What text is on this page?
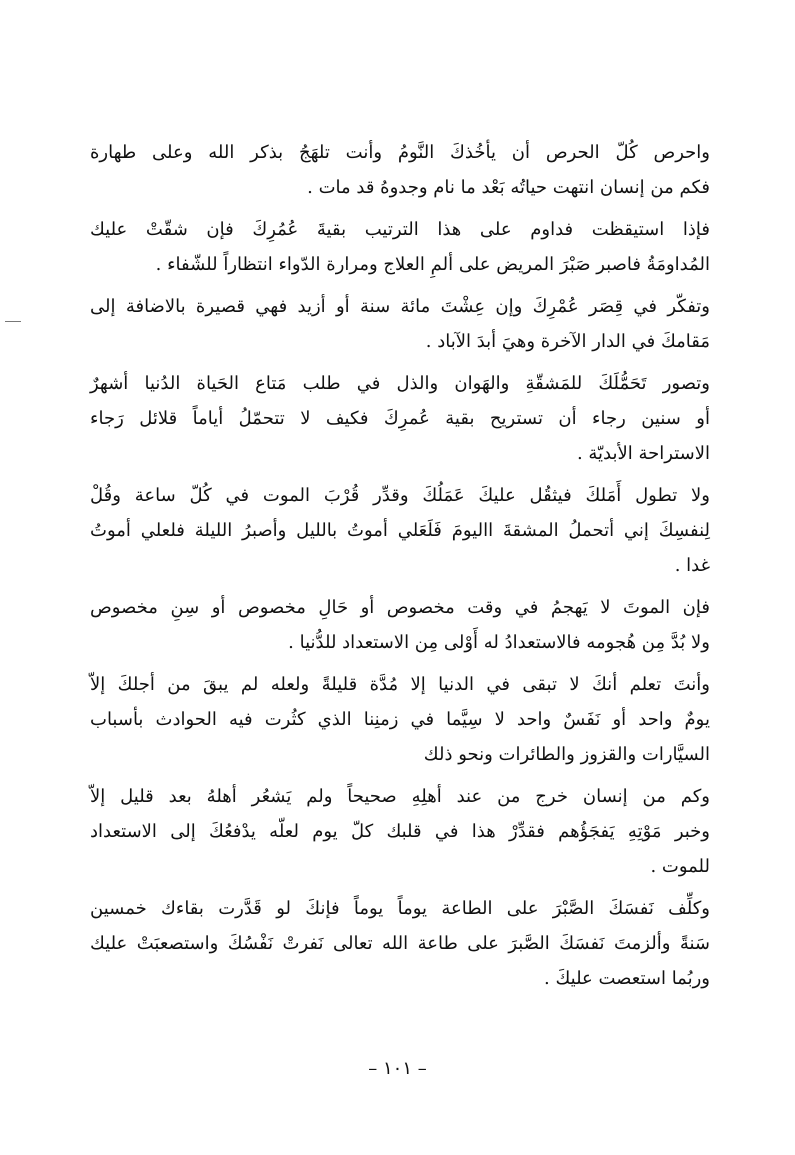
واحرص كُلّ الحرص أن يأخُذكَ النَّومُ وأنت تلهَجُ بذكر الله وعلى طهارة
فكم من إنسان انتهت حياتُه بَعْد ما نام وجدوهُ قد مات .

فإذا استيقظت فداوم على هذا الترتيب بقيةَ عُمُرِكَ فإن شقّتْ عليك
المُداومَةُ فاصبر صَبْرَ المريض على ألمِ العلاج ومرارة الدّواء انتظاراً للشّفاء .

وتفكّر في قِصَر عُمْرِكَ وإن عِشْتَ مائة سنة أو أزيد فهي قصيرة بالاضافة إلى
مَقامكَ في الدار الآخرة وهيَ أبدَ الآباد .

وتصور تَحَمُّلَكَ للمَشقّةِ والهَوان والذل في طلب مَتاع الحَياة الدُنيا أشهرٌ
أو سنين رجاء أن تستريح بقية عُمرِكَ فكيف لا تتحمّلُ أياماً قلائل رَجاء
الاستراحة الأبديّة .

ولا تطول أَمَلكَ فيثقُل عليكَ عَمَلُكَ وقدِّر قُرْبَ الموت في كُلّ ساعة وقُلْ
لِنفسِكَ إني أتحملُ المشقةَ االيومَ فَلَعَلي أموتُ بالليل وأصبرُ الليلة فلعلي أموتُ
غدا .

فإن الموتَ لا يَهجمُ في وقت مخصوص أو حَالِ مخصوص أو سِنِ مخصوص
ولا بُدَّ مِن هُجومه فالاستعدادُ له أَوْلى مِن الاستعداد للدُّنيا .

وأنتَ تعلم أنكَ لا تبقى في الدنيا إلا مُدَّة قليلةً ولعله لم يبقَ من أجلكَ إلاّ
يومٌ واحد أو نَفَسٌ واحد لا سِيَّما في زمنِنا الذي كثُرت فيه الحوادث بأسباب
السيَّارات والقزوز والطائرات ونحو ذلك

وكم من إنسان خرج من عند أهلِهِ صحيحاً ولم يَشعُر أهلهُ بعد قليل إلاّ
وخبر مَوْتِهِ يَفجَؤُهم فقدِّرْ هذا في قلبك كلّ يوم لعلّه يدْفعُكَ إلى الاستعداد
للموت .

وكلِّف نَفسَكَ الصَّبْرَ على الطاعة يوماً يوماً فإنكَ لو قَدَّرت بقاءك خمسين
سَنةً وألزمتَ نَفسَكَ الصَّبرَ على طاعة الله تعالى نَفرتْ نَفْسُكَ واستصعبَتْ عليك
وربُما استعصت عليكَ .

– ١٠١ –
